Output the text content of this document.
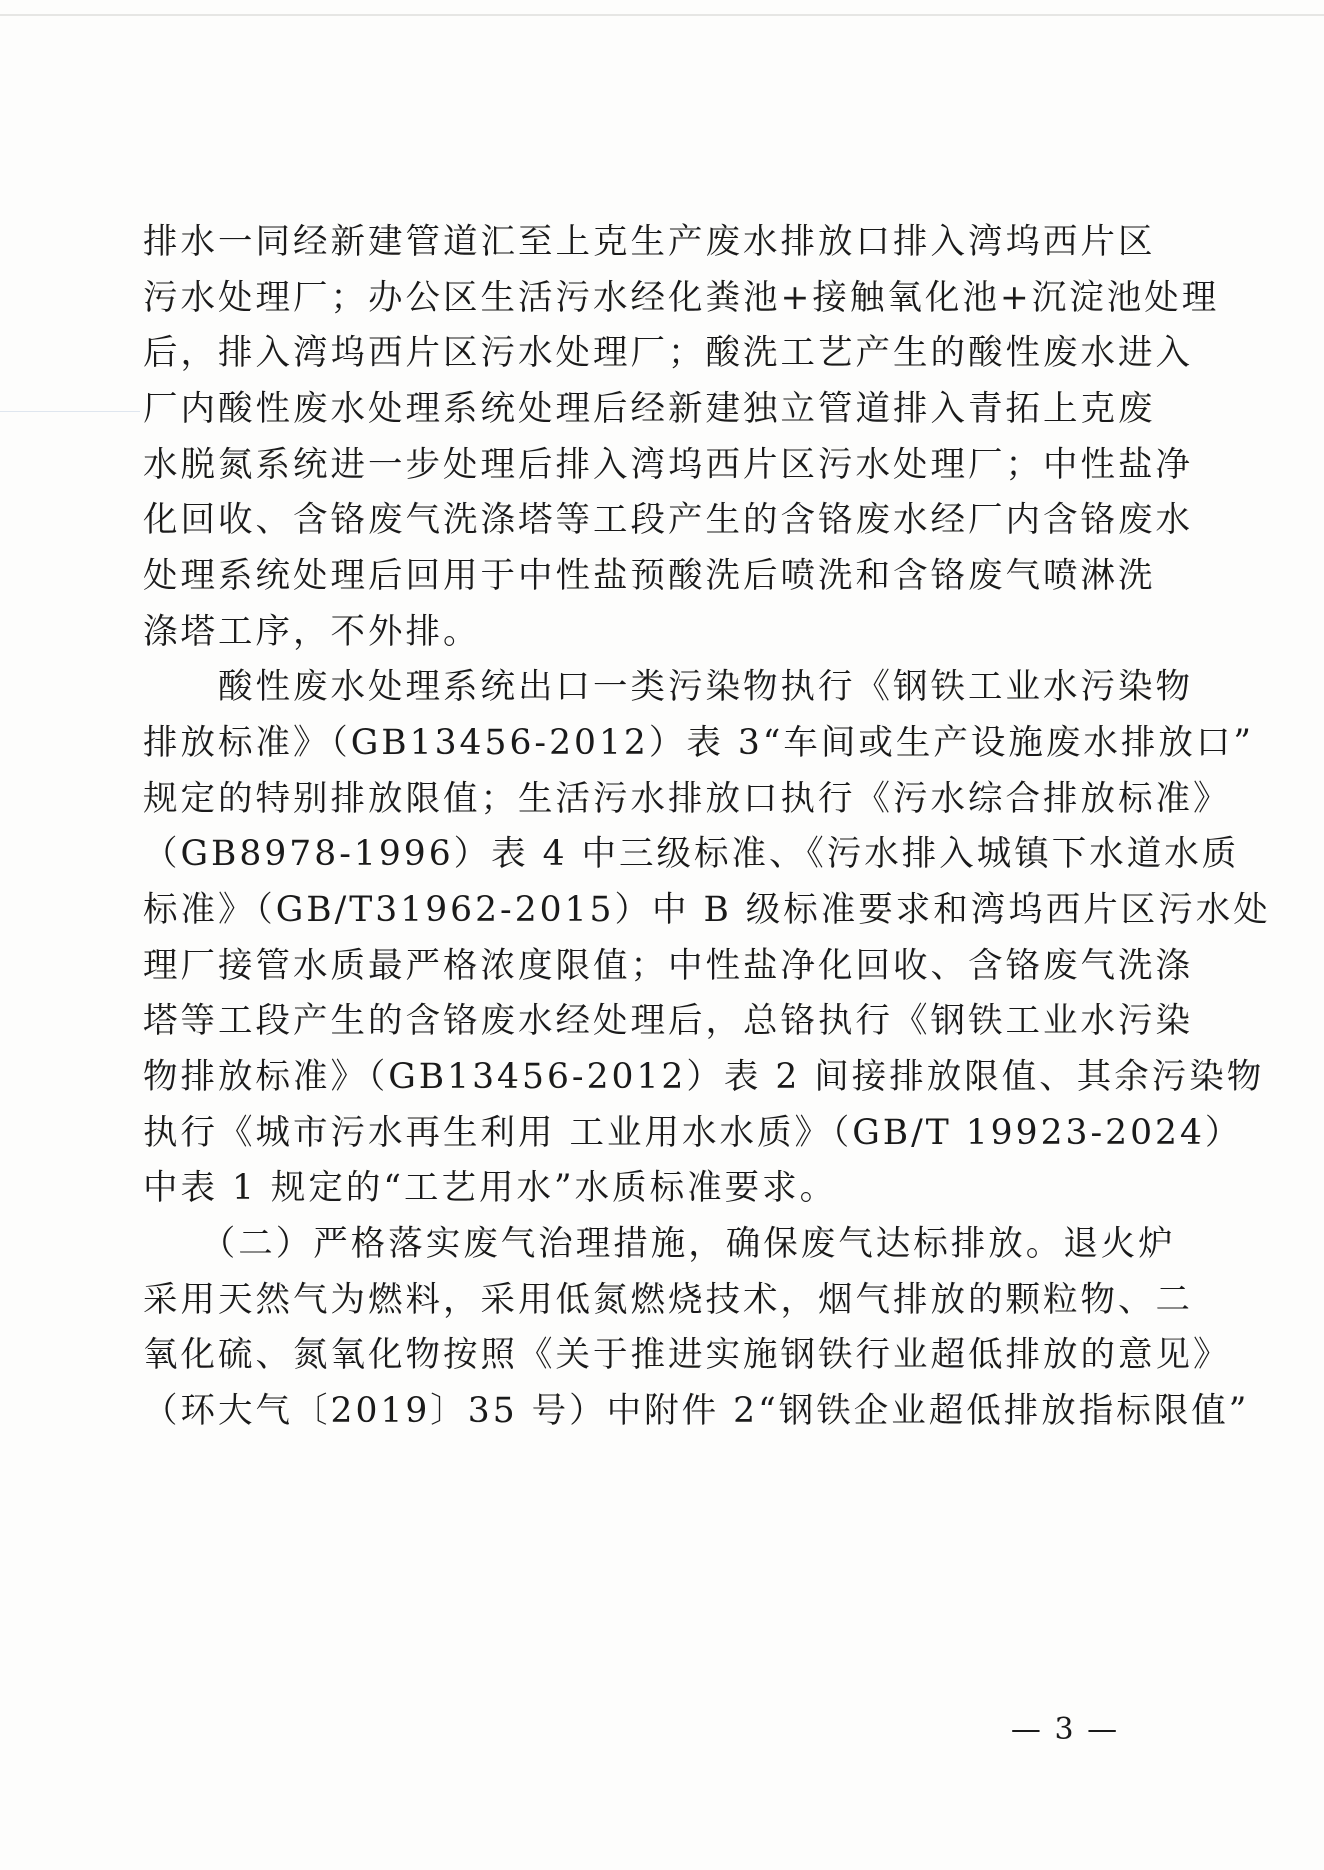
排水一同经新建管道汇至上克生产废水排放口排入湾坞西片区
污水处理厂；办公区生活污水经化粪池+接触氧化池+沉淀池处理
后，排入湾坞西片区污水处理厂；酸洗工艺产生的酸性废水进入
厂内酸性废水处理系统处理后经新建独立管道排入青拓上克废
水脱氮系统进一步处理后排入湾坞西片区污水处理厂；中性盐净
化回收、含铬废气洗涤塔等工段产生的含铬废水经厂内含铬废水
处理系统处理后回用于中性盐预酸洗后喷洗和含铬废气喷淋洗
涤塔工序，不外排。
　　酸性废水处理系统出口一类污染物执行《钢铁工业水污染物
排放标准》（GB13456-2012）表 3“车间或生产设施废水排放口”
规定的特别排放限值；生活污水排放口执行《污水综合排放标准》
（GB8978-1996）表 4 中三级标准、《污水排入城镇下水道水质
标准》（GB/T31962-2015）中 B 级标准要求和湾坞西片区污水处
理厂接管水质最严格浓度限值；中性盐净化回收、含铬废气洗涤
塔等工段产生的含铬废水经处理后，总铬执行《钢铁工业水污染
物排放标准》（GB13456-2012）表 2 间接排放限值、其余污染物
执行《城市污水再生利用 工业用水水质》（GB/T 19923-2024）
中表 1 规定的“工艺用水”水质标准要求。
　　（二）严格落实废气治理措施，确保废气达标排放。退火炉
采用天然气为燃料，采用低氮燃烧技术，烟气排放的颗粒物、二
氧化硫、氮氧化物按照《关于推进实施钢铁行业超低排放的意见》
（环大气〔2019〕35 号）中附件 2“钢铁企业超低排放指标限值”
— 3 —
